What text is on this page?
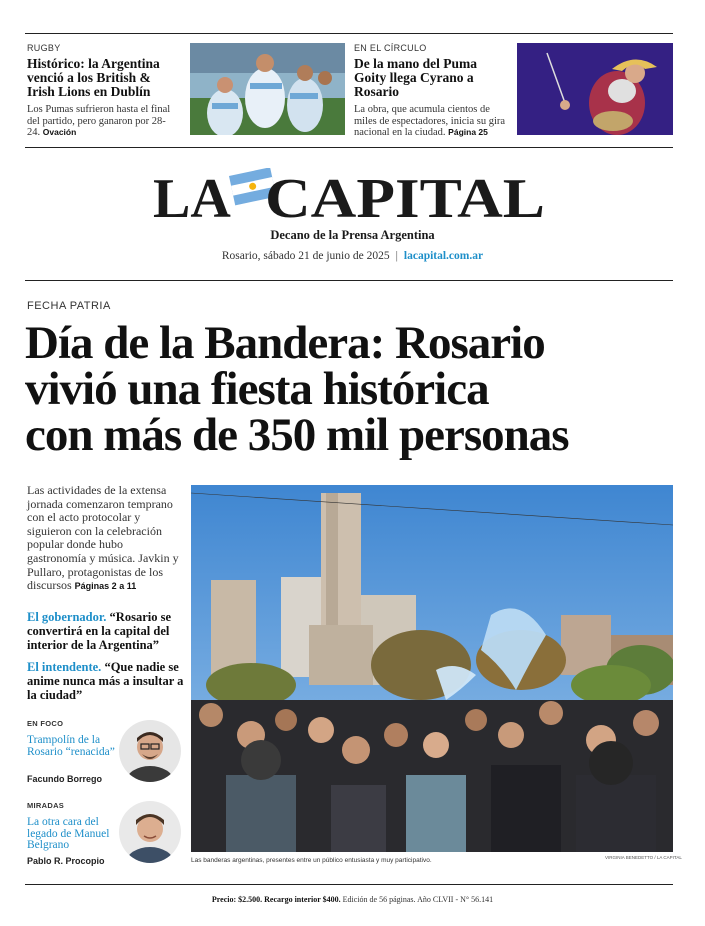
RUGBY
Histórico: la Argentina venció a los British & Irish Lions en Dublín
Los Pumas sufrieron hasta el final del partido, pero ganaron por 28-24. Ovación
EN EL CÍRCULO
De la mano del Puma Goity llega Cyrano a Rosario
La obra, que acumula cientos de miles de espectadores, inicia su gira nacional en la ciudad. Página 25
LA CAPITAL
Decano de la Prensa Argentina
Rosario, sábado 21 de junio de 2025 | lacapital.com.ar
FECHA PATRIA
Día de la Bandera: Rosario
vivió una fiesta histórica
con más de 350 mil personas
Las actividades de la extensa jornada comenzaron temprano con el acto protocolar y siguieron con la celebración popular donde hubo gastronomía y música. Javkin y Pullaro, protagonistas de los discursos Páginas 2 a 11
El gobernador. “Rosario se convertirá en la capital del interior de la Argentina”
El intendente. “Que nadie se anime nunca más a insultar a la ciudad”
EN FOCO
Trampolín de la Rosario “renacida”
Facundo Borrego
MIRADAS
La otra cara del legado de Manuel Belgrano
Pablo R. Procopio	Las banderas argentinas, presentes entre un público entusiasta y muy participativo.	VIRGINIA BENEDETTO / LA CAPITAL
Precio: $2.500. Recargo interior $400. Edición de 56 páginas. Año CLVII - N° 56.141
